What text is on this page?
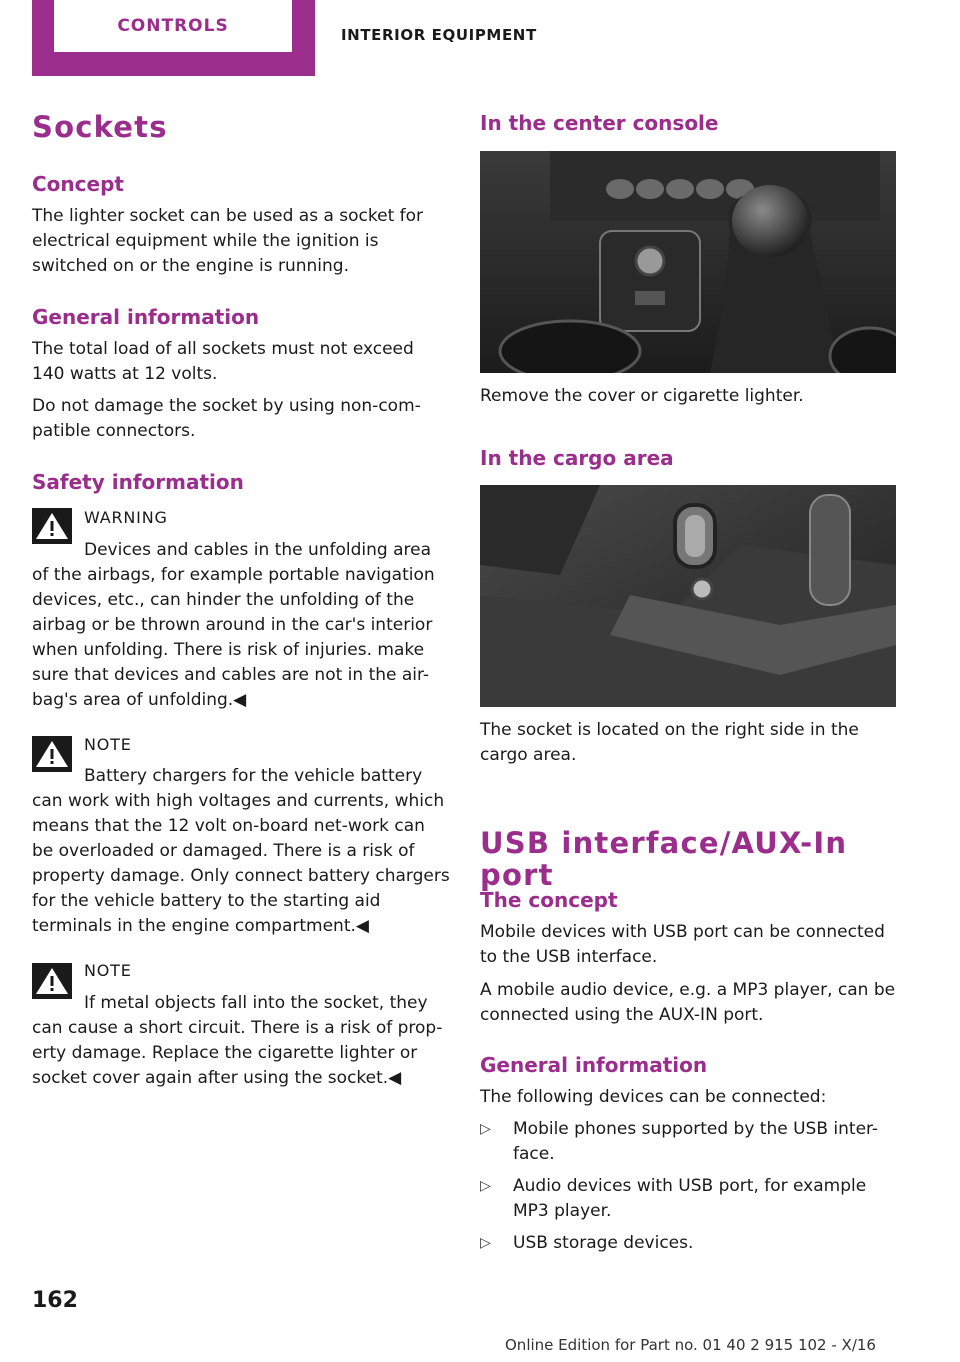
CONTROLS	INTERIOR EQUIPMENT
Sockets
Concept
The lighter socket can be used as a socket for electrical equipment while the ignition is switched on or the engine is running.
General information
The total load of all sockets must not exceed 140 watts at 12 volts.
Do not damage the socket by using non-com-patible connectors.
Safety information
WARNING
Devices and cables in the unfolding area of the airbags, for example portable navigation devices, etc., can hinder the unfolding of the airbag or be thrown around in the car's interior when unfolding. There is risk of injuries. make sure that devices and cables are not in the air-bag's area of unfolding.◀
NOTE
Battery chargers for the vehicle battery can work with high voltages and currents, which means that the 12 volt on-board net-work can be overloaded or damaged. There is a risk of property damage. Only connect battery chargers for the vehicle battery to the starting aid terminals in the engine compartment.◀
NOTE
If metal objects fall into the socket, they can cause a short circuit. There is a risk of prop-erty damage. Replace the cigarette lighter or socket cover again after using the socket.◀
In the center console
Remove the cover or cigarette lighter.
In the cargo area
The socket is located on the right side in the cargo area.
USB interface/AUX-In port
The concept
Mobile devices with USB port can be connected to the USB interface.
A mobile audio device, e.g. a MP3 player, can be connected using the AUX-IN port.
General information
The following devices can be connected:
▷ Mobile phones supported by the USB inter-face.
▷ Audio devices with USB port, for example MP3 player.
▷ USB storage devices.
162
Online Edition for Part no. 01 40 2 915 102 - X/16
